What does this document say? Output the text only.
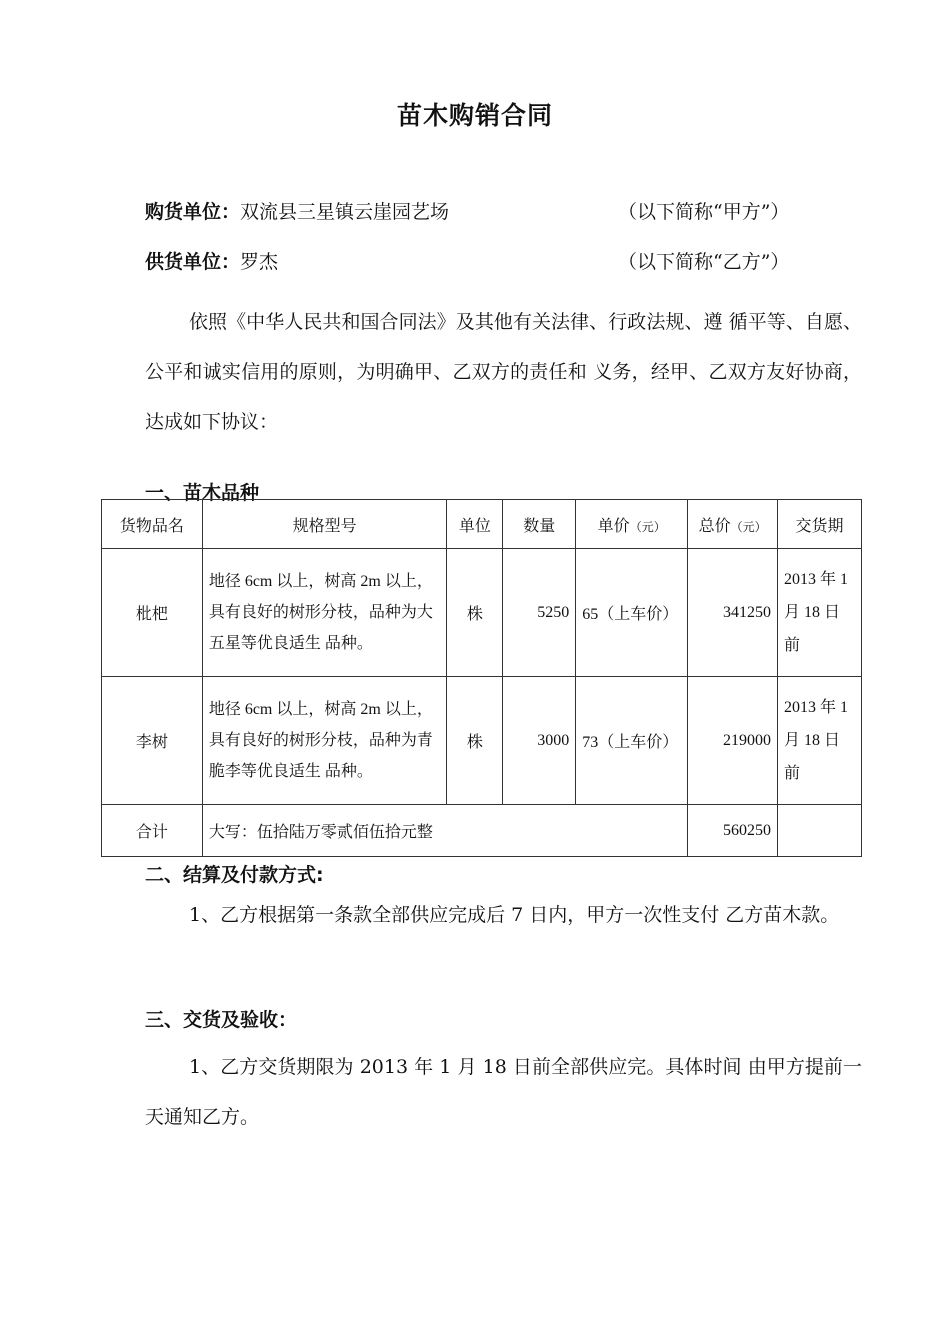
苗木购销合同
购货单位：双流县三星镇云崖园艺场	（以下简称“甲方”）
供货单位：罗杰	（以下简称“乙方”）

依照《中华人民共和国合同法》及其他有关法律、行政法规、遵 循平等、自愿、公平和诚实信用的原则，为明确甲、乙双方的责任和 义务，经甲、乙双方友好协商，达成如下协议：

一、苗木品种
货物品名	规格型号	单位	数量	单价（元）	总价（元）	交货期
枇杷	地径 6cm 以上，树高 2m 以上，具有良好的树形分枝，品种为大五星等优良适生 品种。	株	5250	65（上车价）	341250	2013 年 1 月 18 日前
李树	地径 6cm 以上，树高 2m 以上，具有良好的树形分枝，品种为青脆李等优良适生 品种。	株	3000	73（上车价）	219000	2013 年 1 月 18 日前
合计	大写：伍拾陆万零贰佰伍拾元整				560250	
二、结算及付款方式:

1、乙方根据第一条款全部供应完成后 7 日内，甲方一次性支付 乙方苗木款。

三、交货及验收：

1、乙方交货期限为 2013 年 1 月 18 日前全部供应完。具体时间 由甲方提前一天通知乙方。
